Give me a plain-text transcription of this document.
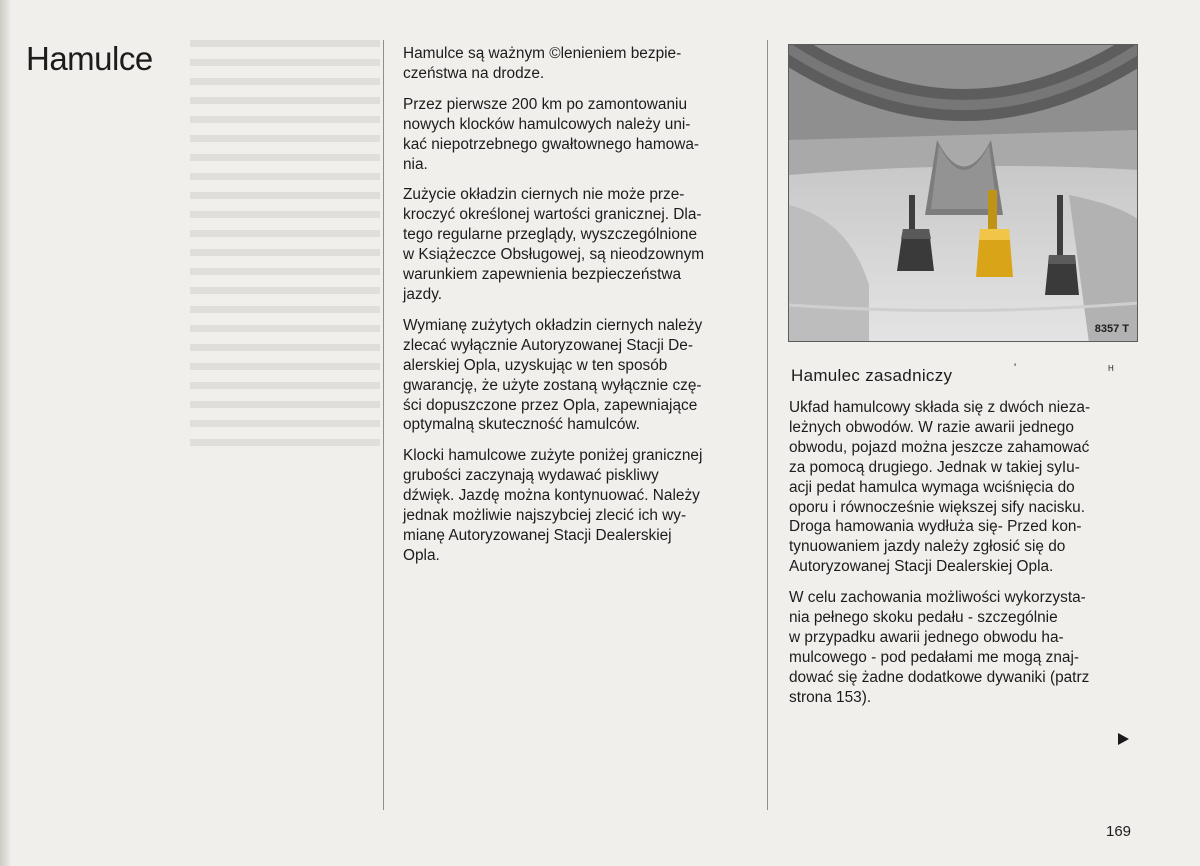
Hamulce	Hamulce są ważnym ©lenieniem bezpie-
czeństwa na drodze.

Przez pierwsze 200 km po zamontowaniu
nowych klocków hamulcowych należy uni-
kać niepotrzebnego gwałtownego hamowa-
nia.

Zużycie okładzin ciernych nie może prze-
kroczyć określonej wartości granicznej. Dla-
tego regularne przeglądy, wyszczególnione
w Książeczce Obsługowej, są nieodzownym
warunkiem zapewnienia bezpieczeństwa
jazdy.

Wymianę zużytych okładzin ciernych należy
zlecać wyłącznie Autoryzowanej Stacji De-
alerskiej Opla, uzyskując w ten sposób
gwarancję, że użyte zostaną wyłącznie czę-
ści dopuszczone przez Opla, zapewniające
optymalną skuteczność hamulców.

Klocki hamulcowe zużyte poniżej granicznej
grubości zaczynają wydawać piskliwy
dźwięk. Jazdę można kontynuować. Należy
jednak możliwie najszybciej zlecić ich wy-
mianę Autoryzowanej Stacji Dealerskiej
Opla.

8357 T
Hamulec zasadniczy	'	H

Ukfad hamulcowy składa się z dwóch nieza-
leżnych obwodów. W razie awarii jednego
obwodu, pojazd można jeszcze zahamować
za pomocą drugiego. Jednak w takiej syIu-
acji pedat hamulca wymaga wciśnięcia do
oporu i równocześnie większej sify nacisku.
Droga hamowania wydłuża się- Przed kon-
tynuowaniem jazdy należy zgłosić się do
Autoryzowanej Stacji Dealerskiej Opla.

W celu zachowania możliwości wykorzysta-
nia pełnego skoku pedału - szczególnie
w przypadku awarii jednego obwodu ha-
mulcowego - pod pedałami me mogą znaj-
dować się żadne dodatkowe dywaniki (patrz
strona 153).

169
